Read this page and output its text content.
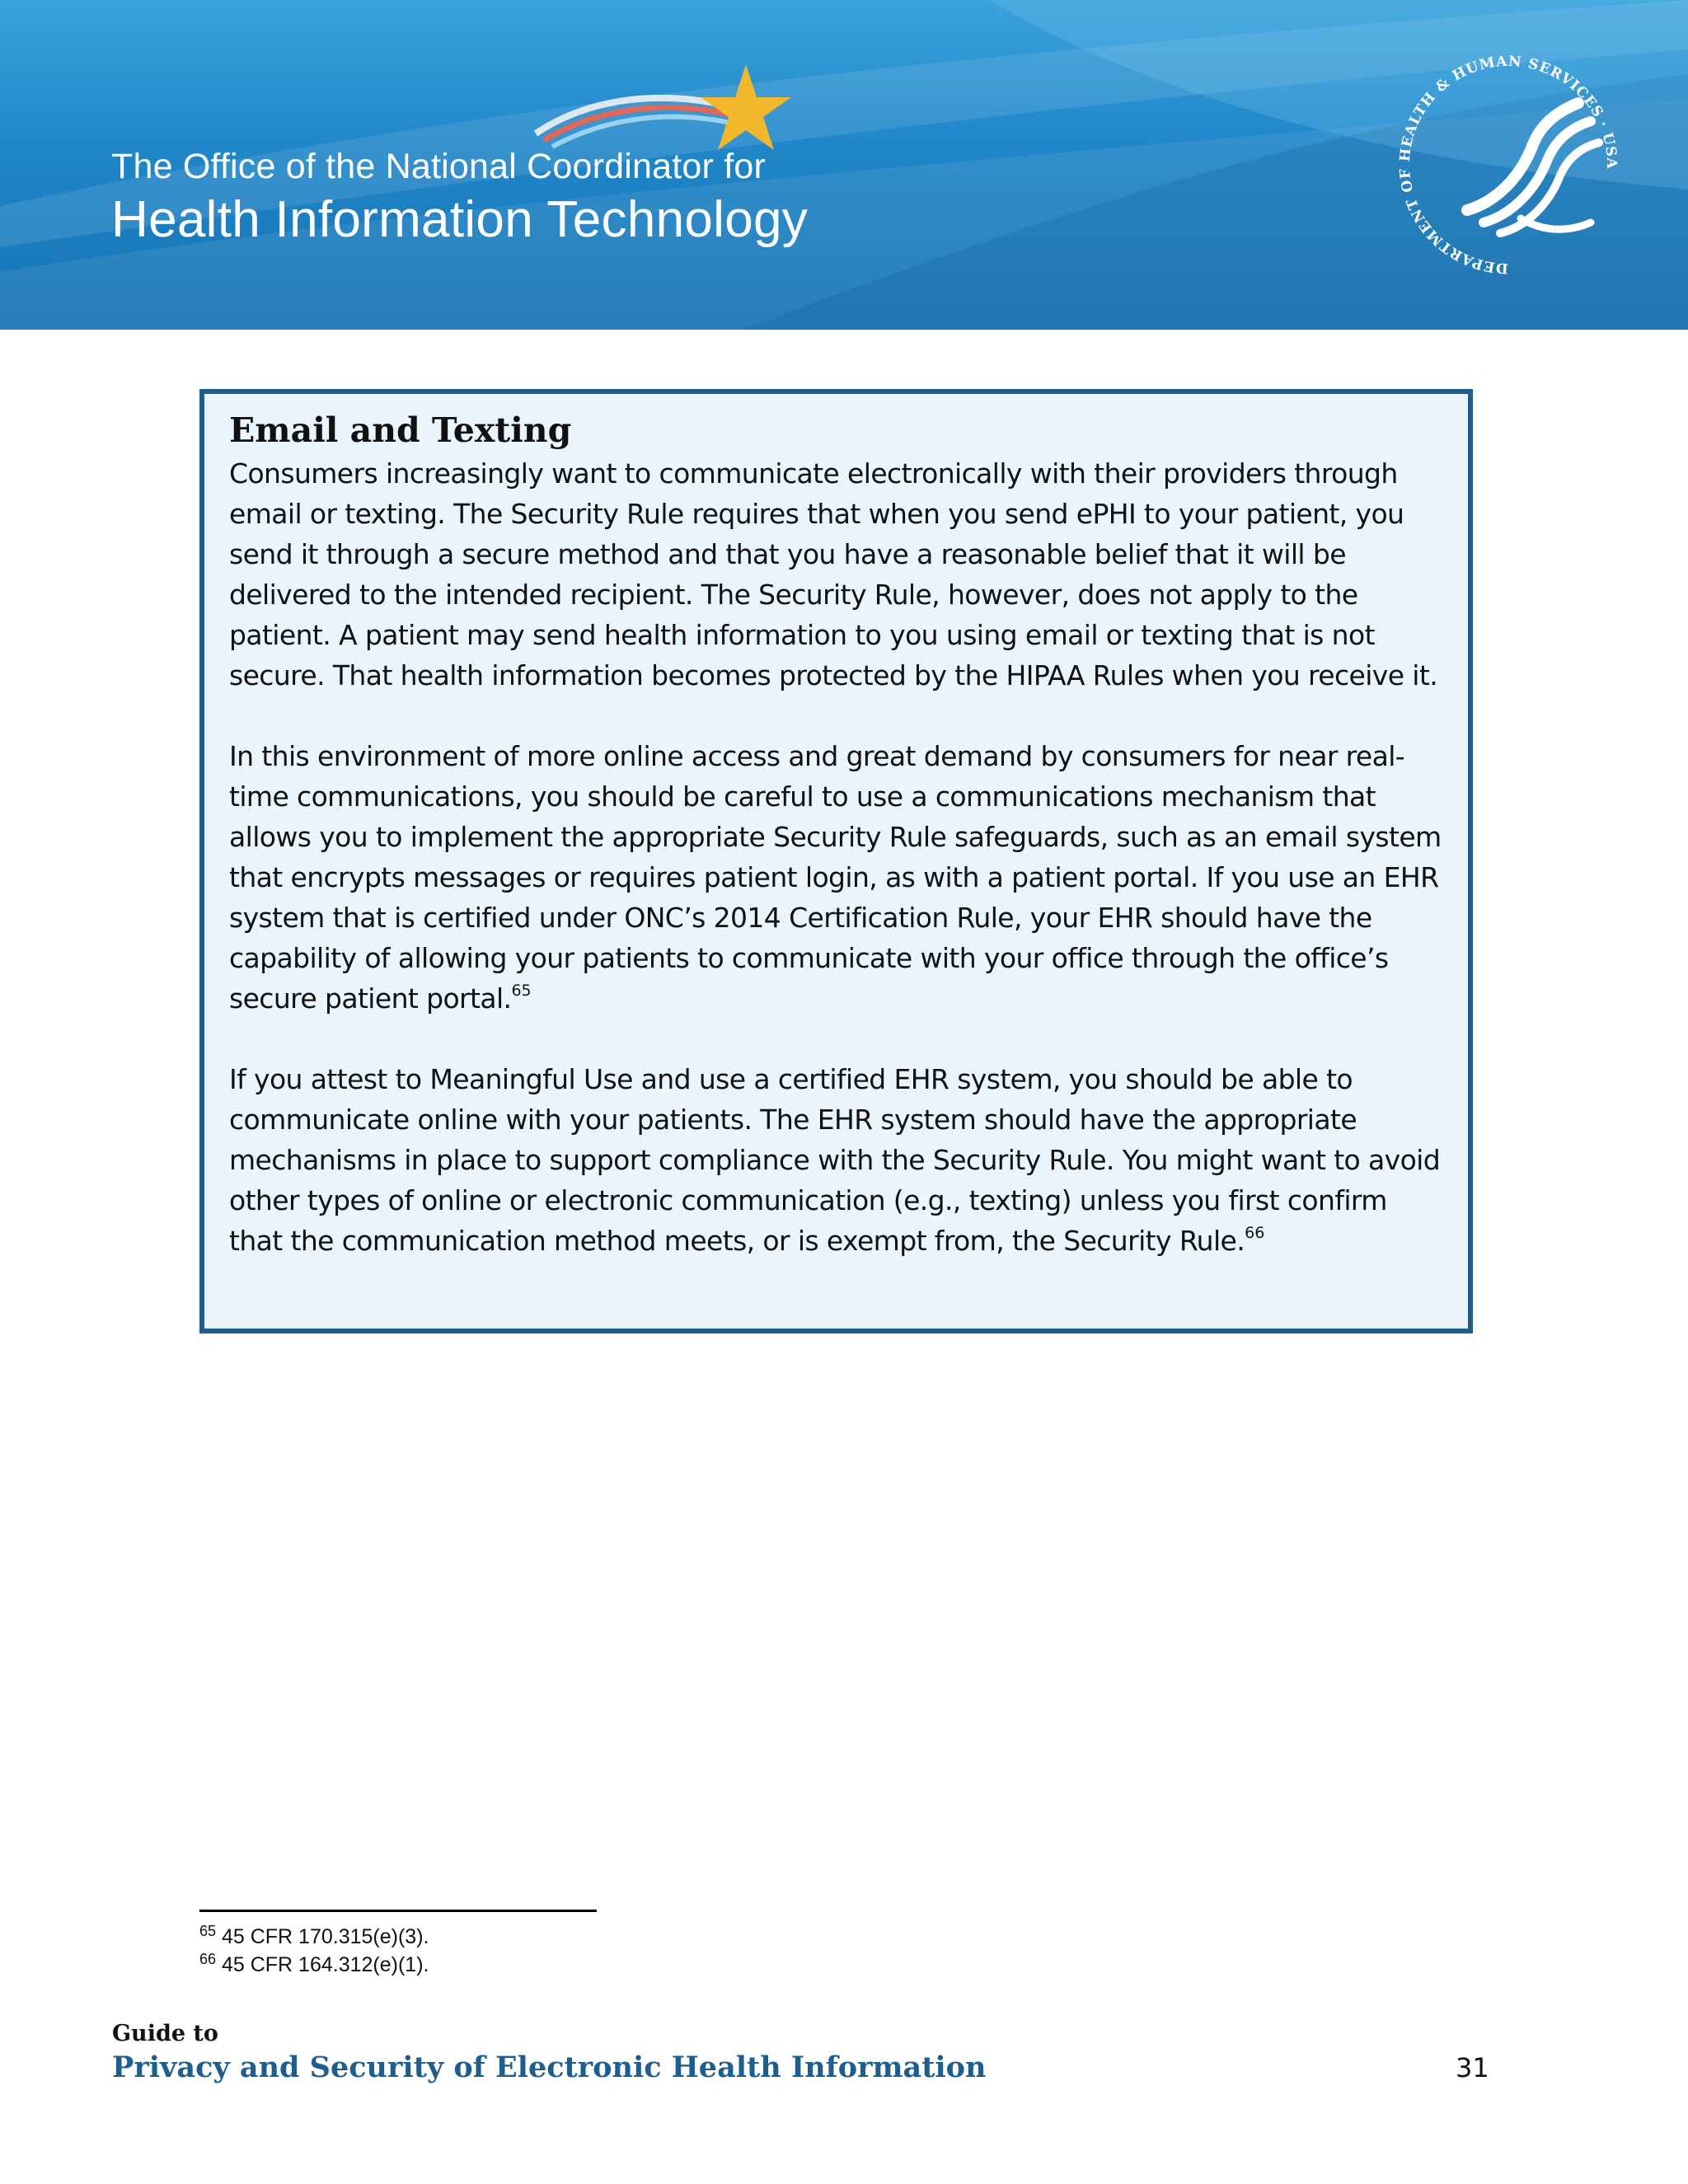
The Office of the National Coordinator for
Health Information Technology
DEPARTMENT OF HEALTH & HUMAN SERVICES · USA
Email and Texting

Consumers increasingly want to communicate electronically with their providers through email or texting. The Security Rule requires that when you send ePHI to your patient, you send it through a secure method and that you have a reasonable belief that it will be delivered to the intended recipient. The Security Rule, however, does not apply to the patient. A patient may send health information to you using email or texting that is not secure. That health information becomes protected by the HIPAA Rules when you receive it.

In this environment of more online access and great demand by consumers for near real-time communications, you should be careful to use a communications mechanism that allows you to implement the appropriate Security Rule safeguards, such as an email system that encrypts messages or requires patient login, as with a patient portal. If you use an EHR system that is certified under ONC’s 2014 Certification Rule, your EHR should have the capability of allowing your patients to communicate with your office through the office’s secure patient portal.$^{65}$

If you attest to Meaningful Use and use a certified EHR system, you should be able to communicate online with your patients. The EHR system should have the appropriate mechanisms in place to support compliance with the Security Rule. You might want to avoid other types of online or electronic communication (e.g., texting) unless you first confirm that the communication method meets, or is exempt from, the Security Rule.$^{66}$

$^{65}$ 45 CFR 170.315(e)(3).
$^{66}$ 45 CFR 164.312(e)(1).
Guide to
Privacy and Security of Electronic Health Information	31
